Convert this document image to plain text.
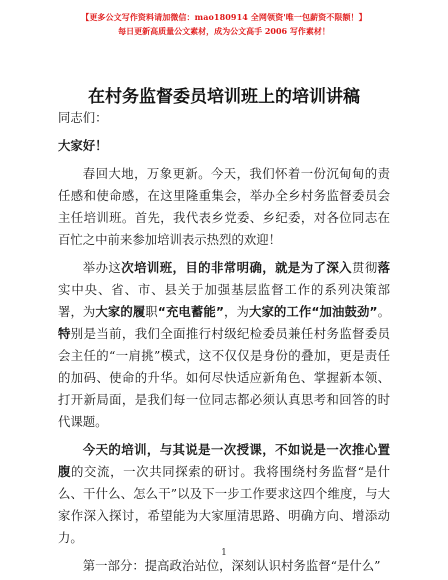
【更多公文写作资料请加微信：mao180914 全网领资'唯一包薪资不限额！】
每日更新高质量公文素材，成为公文高手 2006 写作素材！
在村务监督委员培训班上的培训讲稿

同志们：

大家好！

春回大地，万象更新。今天，我们怀着一份沉甸甸的责任感和使命感，在这里隆重集会，举办全乡村务监督委员会主任培训班。首先，我代表乡党委、乡纪委，对各位同志在百忙之中前来参加培训表示热烈的欢迎！

举办这次培训班，目的非常明确，就是为了深入贯彻落实中央、省、市、县关于加强基层监督工作的系列决策部署，为大家的履职“充电蓄能”，为大家的工作“加油鼓劲”。特别是当前，我们全面推行村级纪检委员兼任村务监督委员会主任的“一肩挑”模式，这不仅仅是身份的叠加，更是责任的加码、使命的升华。如何尽快适应新角色、掌握新本领、打开新局面，是我们每一位同志都必须认真思考和回答的时代课题。

今天的培训，与其说是一次授课，不如说是一次推心置腹的交流，一次共同探索的研讨。我将围绕村务监督“是什么、干什么、怎么干”以及下一步工作要求这四个维度，与大家作深入探讨，希望能为大家厘清思路、明确方向、增添动力。

第一部分：提高政治站位，深刻认识村务监督“是什么”

1
